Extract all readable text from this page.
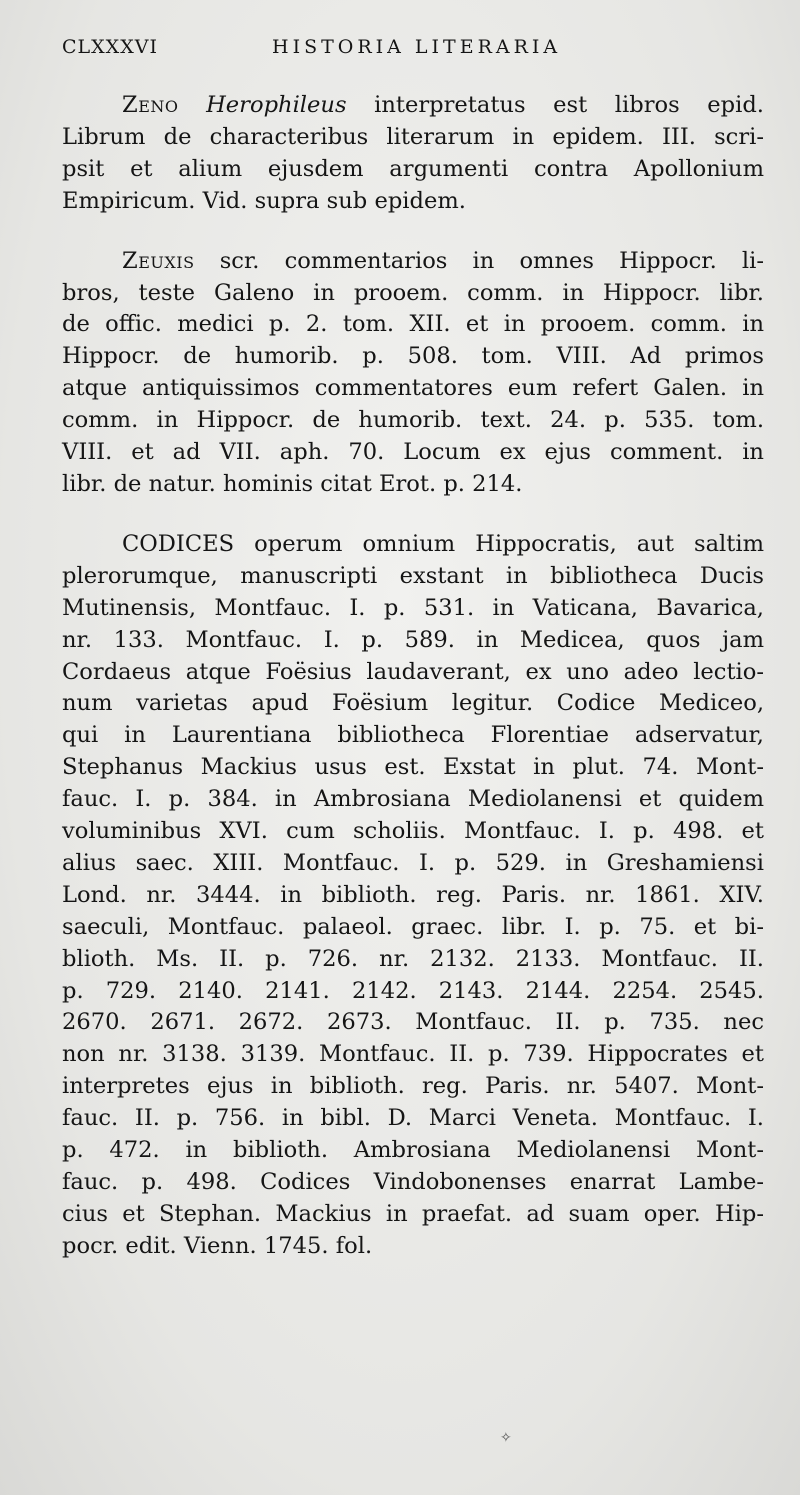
CLXXXVI	HISTORIA LITERARIA

Zeno Herophileus interpretatus est libros epid.
Librum de characteribus literarum in epidem. III. scri-
psit et alium ejusdem argumenti contra Apollonium
Empiricum. Vid. supra sub epidem.

Zeuxis scr. commentarios in omnes Hippocr. li-
bros, teste Galeno in prooem. comm. in Hippocr. libr.
de offic. medici p. 2. tom. XII. et in prooem. comm. in
Hippocr. de humorib. p. 508. tom. VIII. Ad primos
atque antiquissimos commentatores eum refert Galen. in
comm. in Hippocr. de humorib. text. 24. p. 535. tom.
VIII. et ad VII. aph. 70. Locum ex ejus comment. in
libr. de natur. hominis citat Erot. p. 214.

CODICES operum omnium Hippocratis, aut saltim
plerorumque, manuscripti exstant in bibliotheca Ducis
Mutinensis, Montfauc. I. p. 531. in Vaticana, Bavarica,
nr. 133. Montfauc. I. p. 589. in Medicea, quos jam
Cordaeus atque Foësius laudaverant, ex uno adeo lectio-
num varietas apud Foësium legitur. Codice Mediceo,
qui in Laurentiana bibliotheca Florentiae adservatur,
Stephanus Mackius usus est. Exstat in plut. 74. Mont-
fauc. I. p. 384. in Ambrosiana Mediolanensi et quidem
voluminibus XVI. cum scholiis. Montfauc. I. p. 498. et
alius saec. XIII. Montfauc. I. p. 529. in Greshamiensi
Lond. nr. 3444. in biblioth. reg. Paris. nr. 1861. XIV.
saeculi, Montfauc. palaeol. graec. libr. I. p. 75. et bi-
blioth. Ms. II. p. 726. nr. 2132. 2133. Montfauc. II.
p. 729. 2140. 2141. 2142. 2143. 2144. 2254. 2545.
2670. 2671. 2672. 2673. Montfauc. II. p. 735. nec
non nr. 3138. 3139. Montfauc. II. p. 739. Hippocrates et
interpretes ejus in biblioth. reg. Paris. nr. 5407. Mont-
fauc. II. p. 756. in bibl. D. Marci Veneta. Montfauc. I.
p. 472. in biblioth. Ambrosiana Mediolanensi Mont-
fauc. p. 498. Codices Vindobonenses enarrat Lambe-
cius et Stephan. Mackius in praefat. ad suam oper. Hip-
pocr. edit. Vienn. 1745. fol.

✧
